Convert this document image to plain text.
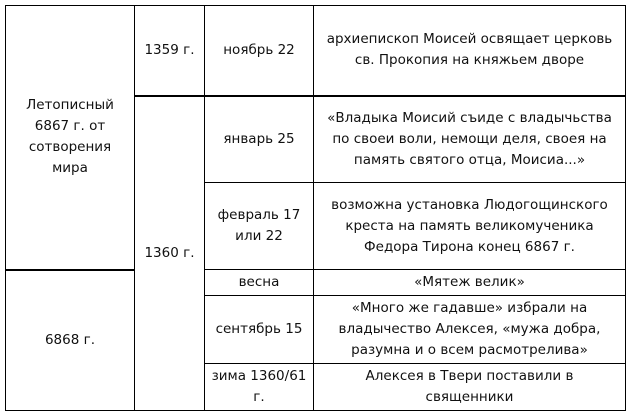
Летописный 6867 г. от сотворения мира	1359 г.	ноябрь 22	архиепископ Моисей освящает церковь св. Прокопия на княжьем дворе
	1360 г.	январь 25	«Владыка Моисий съиде с владычьства по своеи воли, немощи деля, своея на память святого отца, Моисиа...»
		февраль 17 или 22	возможна установка Людогощинского креста на память великомученика Федора Тирона конец 6867 г.
6868 г.		весна	«Мятеж велик»
		сентябрь 15	«Много же гадавше» избрали на владычество Алексея, «мужа добра, разумна и о всем расмотрелива»
		зима 1360/61 г.	Алексея в Твери поставили в священники
